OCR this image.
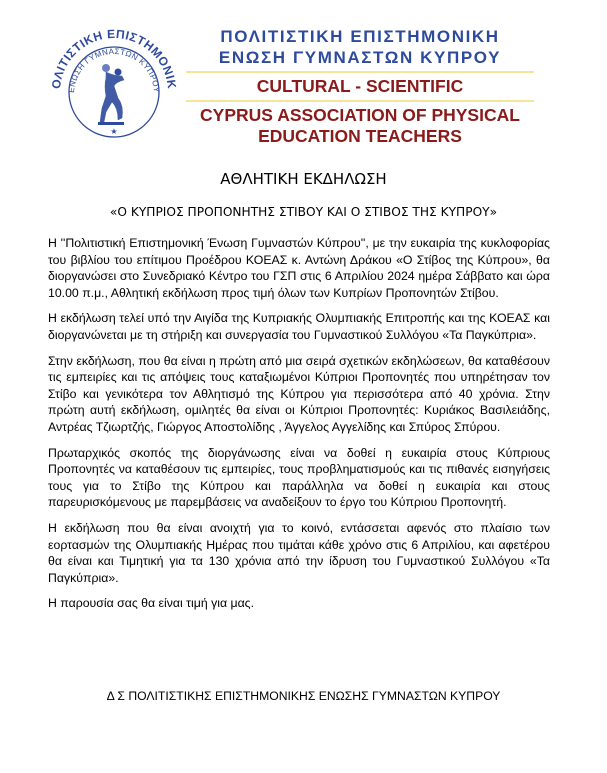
ΟΛΙΤΙΣΤΙΚΗ ΕΠΙΣΤΗΜΟΝΙΚ
ΕΝΩΣΗ ΓΥΜΝΑΣΤΩΝ ΚΥΠΡΟΥ
★
ΠΟΛΙΤΙΣΤΙΚΗ ΕΠΙΣΤΗΜΟΝΙΚΗ
ΕΝΩΣΗ ΓΥΜΝΑΣΤΩΝ ΚΥΠΡΟΥ
CULTURAL - SCIENTIFIC
CYPRUS ASSOCIATION OF PHYSICAL
EDUCATION TEACHERS
ΑΘΛΗΤΙΚΗ ΕΚΔΗΛΩΣΗ
«Ο ΚΥΠΡΙΟΣ ΠΡΟΠΟΝΗΤΗΣ ΣΤΙΒΟΥ ΚΑΙ Ο ΣΤΙΒΟΣ ΤΗΣ ΚΥΠΡΟΥ»

Η ''Πολιτιστική Επιστημονική Ένωση Γυμναστών Κύπρου'', με την ευκαιρία της κυκλοφορίας του βιβλίου του επίτιμου Προέδρου ΚΟΕΑΣ κ. Αντώνη Δράκου «Ο Στίβος της Κύπρου», θα διοργανώσει στο Συνεδριακό Κέντρο του ΓΣΠ στις 6 Απριλίου 2024 ημέρα Σάββατο και ώρα 10.00 π.μ., Αθλητική εκδήλωση προς τιμή όλων των Κυπρίων Προπονητών Στίβου.

Η εκδήλωση τελεί υπό την Αιγίδα της Κυπριακής Ολυμπιακής Επιτροπής και της ΚΟΕΑΣ και διοργανώνεται με τη στήριξη και συνεργασία του Γυμναστικού Συλλόγου «Τα Παγκύπρια».

Στην εκδήλωση, που θα είναι η πρώτη από μια σειρά σχετικών εκδηλώσεων, θα καταθέσουν τις εμπειρίες και τις απόψεις τους καταξιωμένοι Κύπριοι Προπονητές που υπηρέτησαν τον Στίβο και γενικότερα τον Αθλητισμό της Κύπρου για περισσότερα από 40 χρόνια. Στην πρώτη αυτή εκδήλωση, ομιλητές θα είναι οι Κύπριοι Προπονητές: Κυριάκος Βασιλειάδης, Αντρέας Τζιωρτζής, Γιώργος Αποστολίδης , Άγγελος Αγγελίδης και Σπύρος Σπύρου.

Πρωταρχικός σκοπός της διοργάνωσης είναι να δοθεί η ευκαιρία στους Κύπριους Προπονητές να καταθέσουν τις εμπειρίες, τους προβληματισμούς και τις πιθανές εισηγήσεις τους για το Στίβο της Κύπρου και παράλληλα να δοθεί η ευκαιρία και στους παρευρισκόμενους με παρεμβάσεις να αναδείξουν το έργο του Κύπριου Προπονητή.

Η εκδήλωση που θα είναι ανοιχτή για το κοινό, εντάσσεται αφενός στο πλαίσιο των εορτασμών της Ολυμπιακής Ημέρας που τιμάται κάθε χρόνο στις 6 Απριλίου, και αφετέρου θα είναι και Τιμητική για τα 130 χρόνια από την ίδρυση του Γυμναστικού Συλλόγου «Τα Παγκύπρια».

Η παρουσία σας θα είναι τιμή για μας.

Δ Σ ΠΟΛΙΤΙΣΤΙΚΗΣ ΕΠΙΣΤΗΜΟΝΙΚΗΣ ΕΝΩΣΗΣ ΓΥΜΝΑΣΤΩΝ ΚΥΠΡΟΥ
